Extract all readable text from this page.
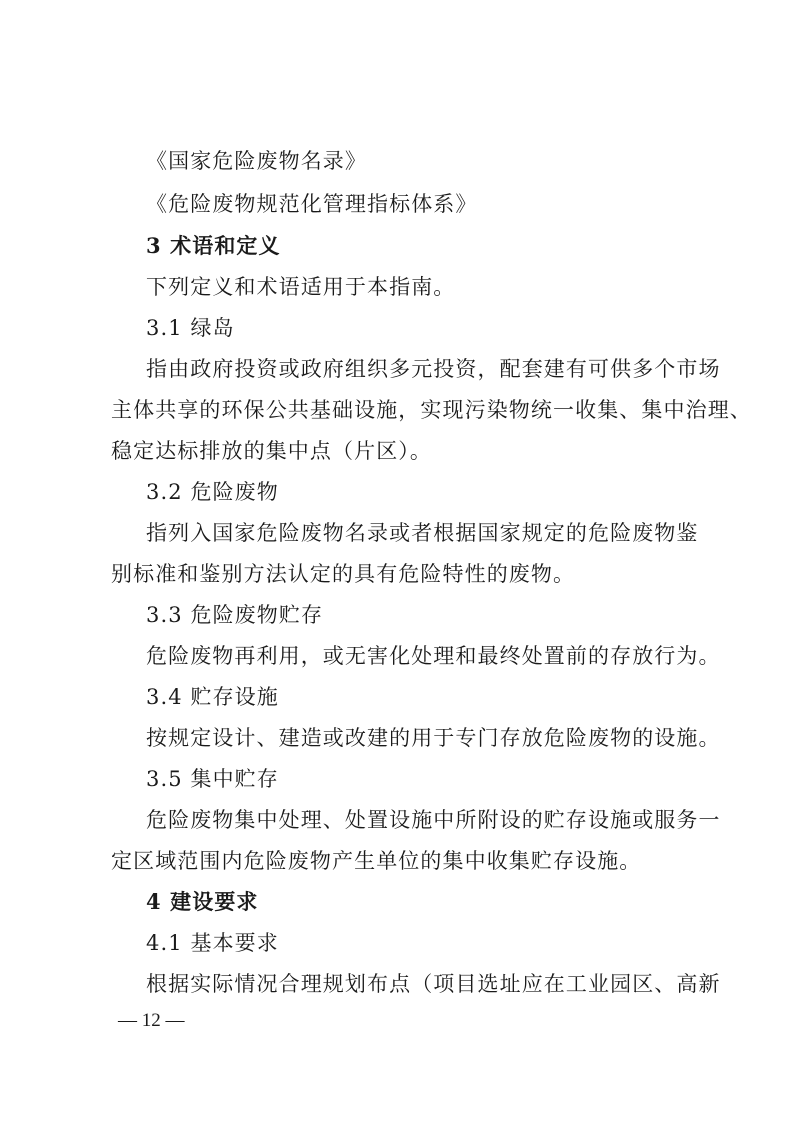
《国家危险废物名录》

《危险废物规范化管理指标体系》

3 术语和定义

下列定义和术语适用于本指南。

3.1 绿岛

指由政府投资或政府组织多元投资，配套建有可供多个市场

主体共享的环保公共基础设施，实现污染物统一收集、集中治理、

稳定达标排放的集中点（片区）。

3.2 危险废物

指列入国家危险废物名录或者根据国家规定的危险废物鉴

别标准和鉴别方法认定的具有危险特性的废物。

3.3 危险废物贮存

危险废物再利用，或无害化处理和最终处置前的存放行为。

3.4 贮存设施

按规定设计、建造或改建的用于专门存放危险废物的设施。

3.5 集中贮存

危险废物集中处理、处置设施中所附设的贮存设施或服务一

定区域范围内危险废物产生单位的集中收集贮存设施。

4 建设要求

4.1 基本要求

根据实际情况合理规划布点（项目选址应在工业园区、高新

— 12 —
